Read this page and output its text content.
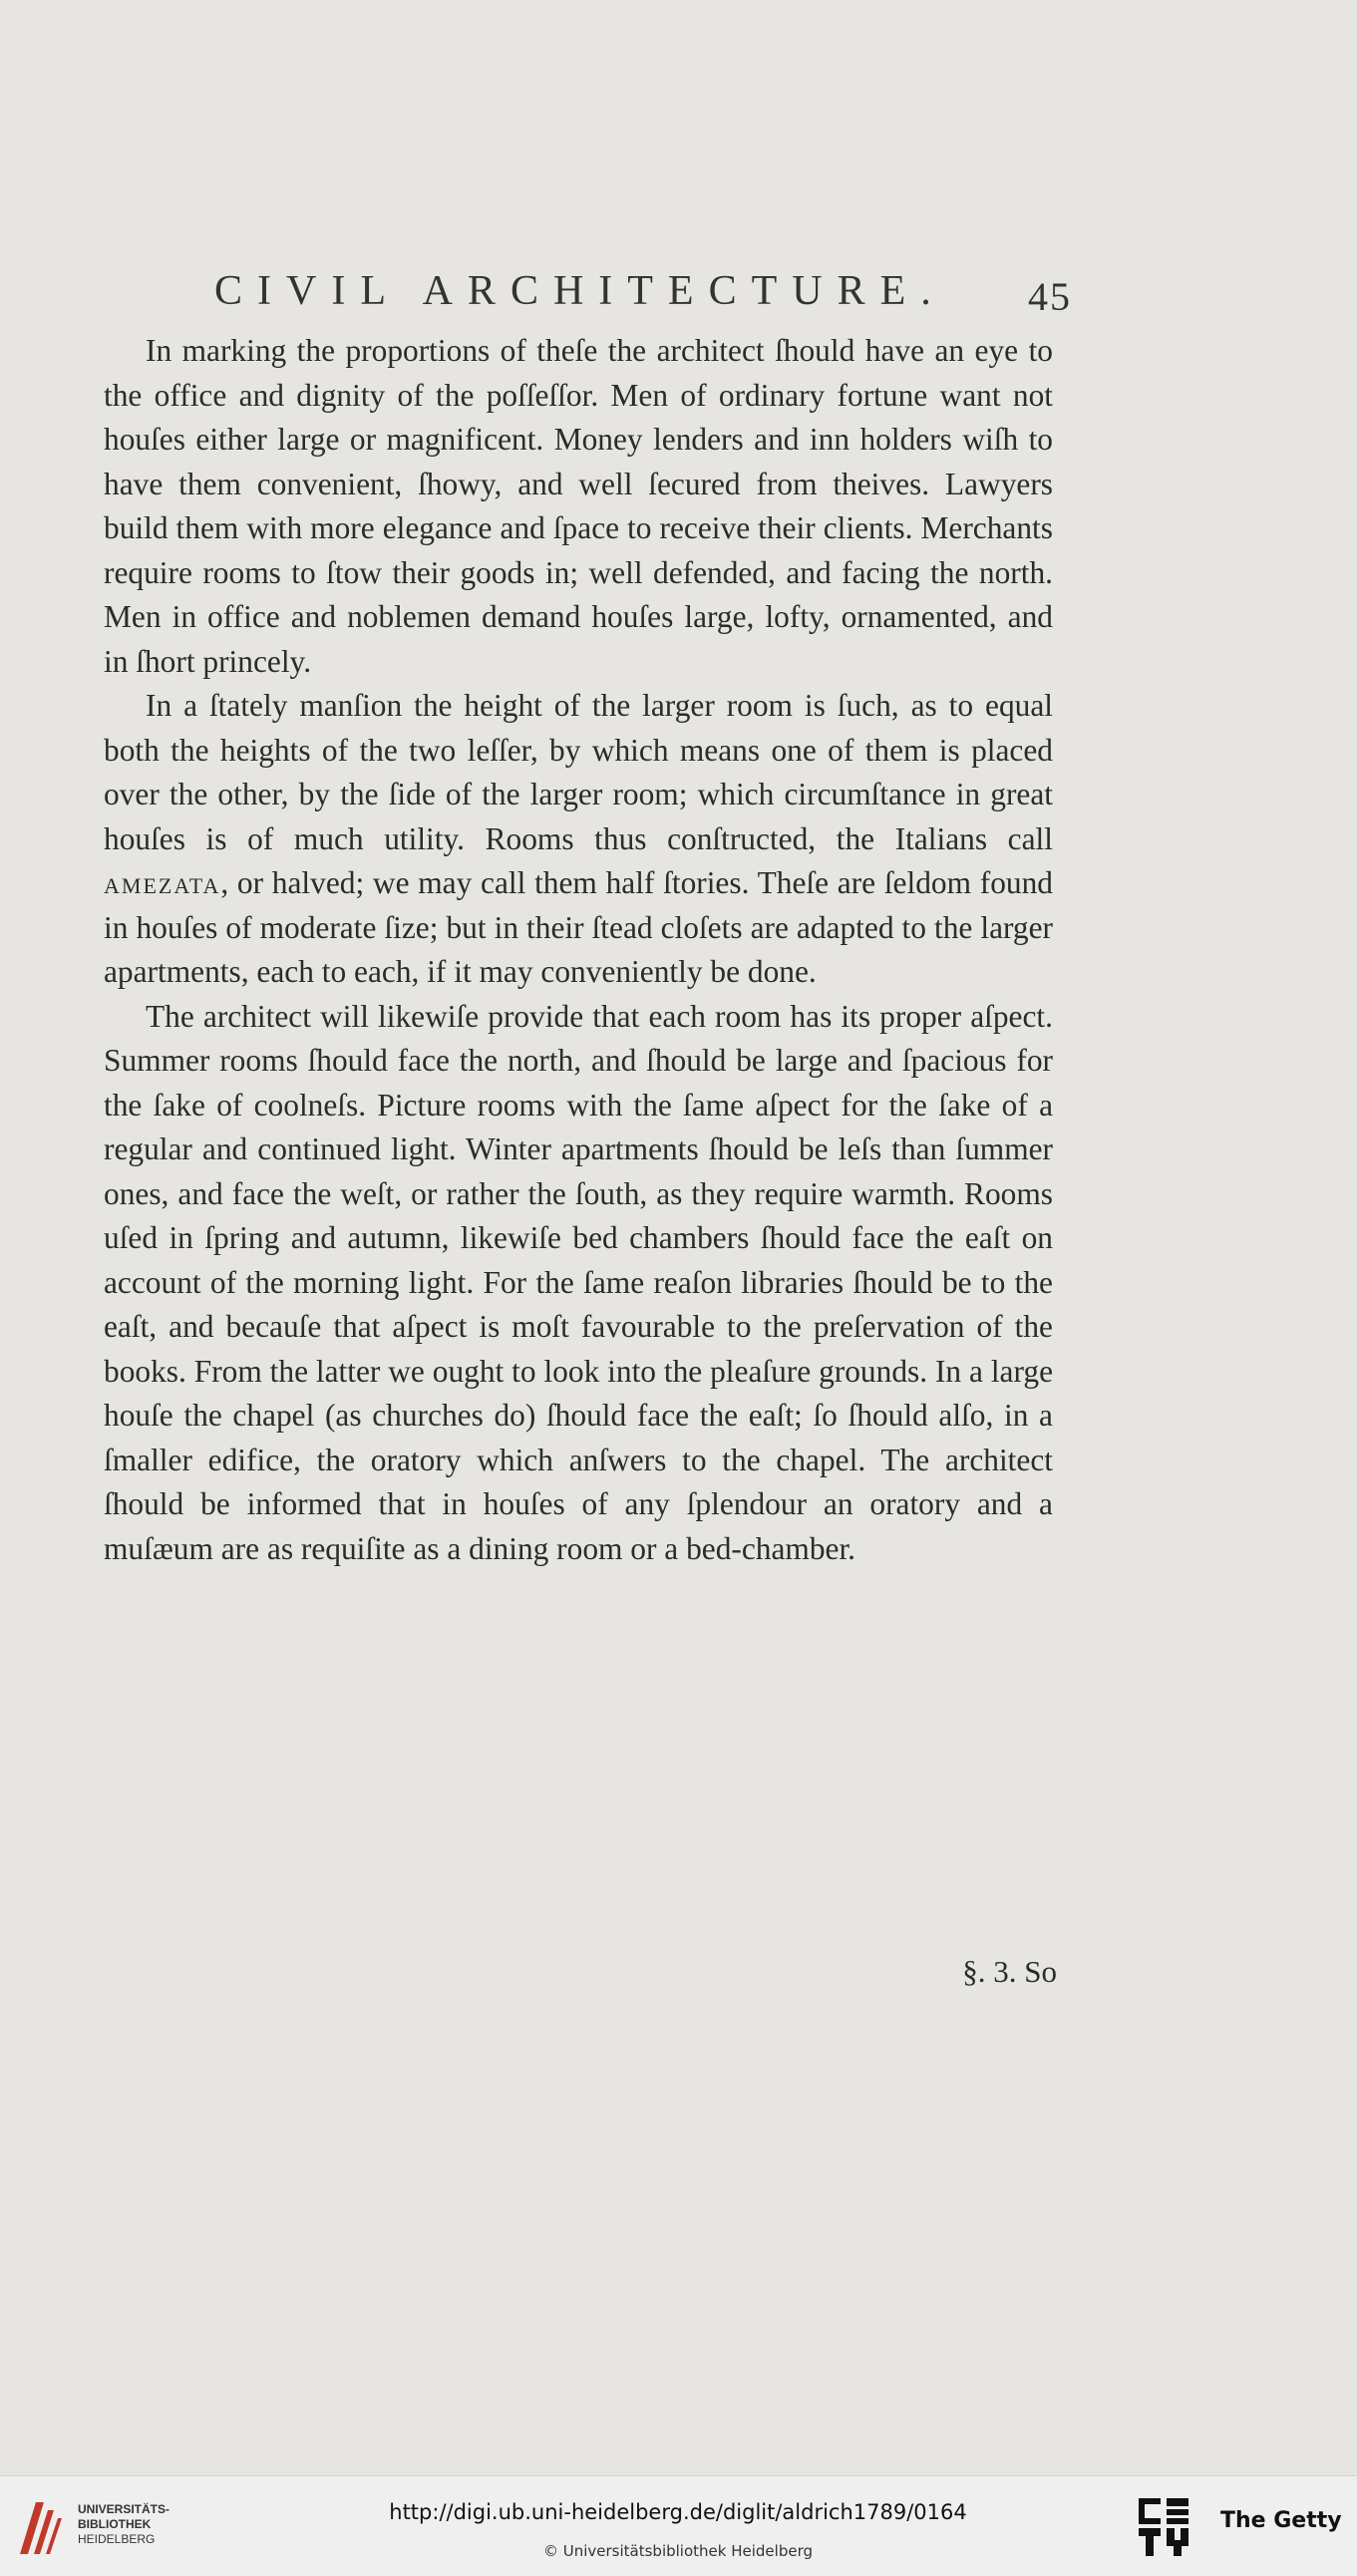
CIVIL ARCHITECTURE. 45

In marking the proportions of theſe the architect ſhould have an eye to the office and dignity of the poſſeſſor. Men of ordinary fortune want not houſes either large or magnificent. Money lenders and inn holders wiſh to have them convenient, ſhowy, and well ſecured from theives. Lawyers build them with more elegance and ſpace to receive their clients. Merchants require rooms to ſtow their goods in; well defended, and facing the north. Men in office and noblemen demand houſes large, lofty, ornamented, and in ſhort princely.

In a ſtately manſion the height of the larger room is ſuch, as to equal both the heights of the two leſſer, by which means one of them is placed over the other, by the ſide of the larger room; which circumſtance in great houſes is of much utility. Rooms thus conſtructed, the Italians call amezata, or halved; we may call them half ſtories. Theſe are ſeldom found in houſes of moderate ſize; but in their ſtead cloſets are adapted to the larger apartments, each to each, if it may conveniently be done.

The architect will likewiſe provide that each room has its proper aſpect. Summer rooms ſhould face the north, and ſhould be large and ſpacious for the ſake of coolneſs. Picture rooms with the ſame aſpect for the ſake of a regular and continued light. Winter apartments ſhould be leſs than ſummer ones, and face the weſt, or rather the ſouth, as they require warmth. Rooms uſed in ſpring and autumn, likewiſe bed chambers ſhould face the eaſt on account of the morning light. For the ſame reaſon libraries ſhould be to the eaſt, and becauſe that aſpect is moſt favourable to the preſervation of the books. From the latter we ought to look into the pleaſure grounds. In a large houſe the chapel (as churches do) ſhould face the eaſt; ſo ſhould alſo, in a ſmaller edifice, the oratory which anſwers to the chapel. The architect ſhould be informed that in houſes of any ſplendour an oratory and a muſæum are as requiſite as a dining room or a bed-chamber.

§. 3. So
UNIVERSITÄTS-
BIBLIOTHEK
HEIDELBERG
http://digi.ub.uni-heidelberg.de/diglit/aldrich1789/0164
© Universitätsbibliothek Heidelberg
The Getty
